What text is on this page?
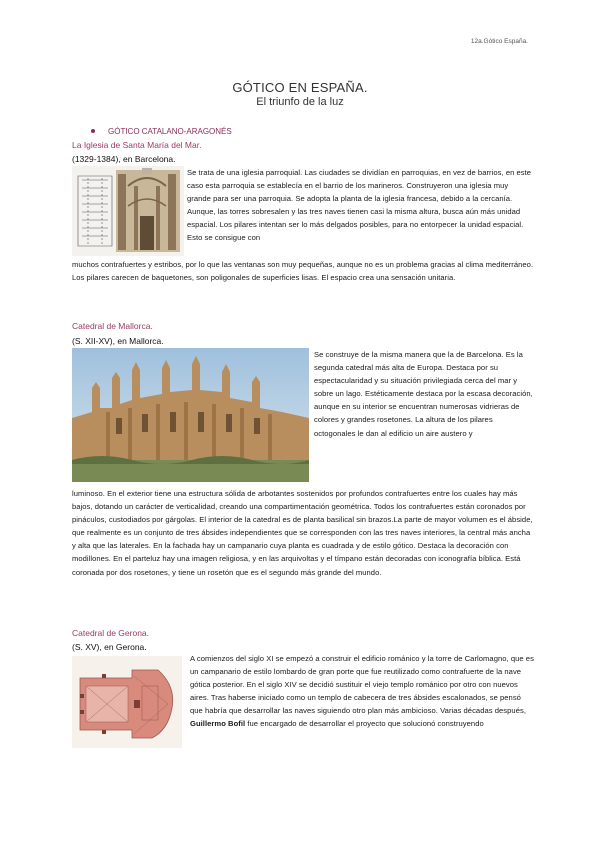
12a.Gótico España.
GÓTICO EN ESPAÑA.
El triunfo de la luz
GÓTICO CATALANO-ARAGONÉS
La Iglesia de Santa María del Mar.
(1329-1384), en Barcelona.
Se trata de una iglesia parroquial. Las ciudades se dividían en parroquias, en vez de barrios, en este caso esta parroquia se establecía en el barrio de los marineros. Construyeron una iglesia muy grande para ser una parroquia. Se adopta la planta de la iglesia francesa, debido a la cercanía. Aunque, las torres sobresalen y las tres naves tienen casi la misma altura, busca aún más unidad espacial. Los pilares intentan ser lo más delgados posibles, para no entorpecer la unidad espacial. Esto se consigue con
muchos contrafuertes y estribos, por lo que las ventanas son muy pequeñas, aunque no es un problema gracias al clima mediterráneo. Los pilares carecen de baquetones, son poligonales de superficies lisas. El espacio crea una sensación unitaria.
Catedral de Mallorca.
(S. XII-XV), en Mallorca.
Se construye de la misma manera que la de Barcelona. Es la segunda catedral más alta de Europa. Destaca por su espectacularidad y su situación privilegiada cerca del mar y sobre un lago. Estéticamente destaca por la escasa decoración, aunque en su interior se encuentran numerosas vidrieras de colores y grandes rosetones. La altura de los pilares octogonales le dan al edificio un aire austero y
luminoso. En el exterior tiene una estructura sólida de arbotantes sostenidos por profundos contrafuertes entre los cuales hay más bajos, dotando un carácter de verticalidad, creando una compartimentación geométrica. Todos los contrafuertes están coronados por pináculos, custodiados por gárgolas. El interior de la catedral es de planta basilical sin brazos.La parte de mayor volumen es el ábside, que realmente es un conjunto de tres ábsides independientes que se corresponden con las tres naves interiores, la central más ancha y alta que las laterales. En la fachada hay un campanario cuya planta es cuadrada y de estilo gótico. Destaca la decoración con modillones. En el parteluz hay una imagen religiosa, y en las arquivoltas y el tímpano están decoradas con iconografía bíblica. Está coronada por dos rosetones, y tiene un rosetón que es el segundo más grande del mundo.
Catedral de Gerona.
(S. XV), en Gerona.
A comienzos del siglo XI se empezó a construir el edificio románico y la torre de Carlomagno, que es un campanario de estilo lombardo de gran porte que fue reutilizado como contrafuerte de la nave gótica posterior. En el siglo XIV se decidió sustituir el viejo templo románico por otro con nuevos aires. Tras haberse iniciado como un templo de cabecera de tres ábsides escalonados, se pensó que habría que desarrollar las naves siguiendo otro plan más ambicioso. Varias décadas después, Guillermo Bofil fue encargado de desarrollar el proyecto que solucionó construyendo
